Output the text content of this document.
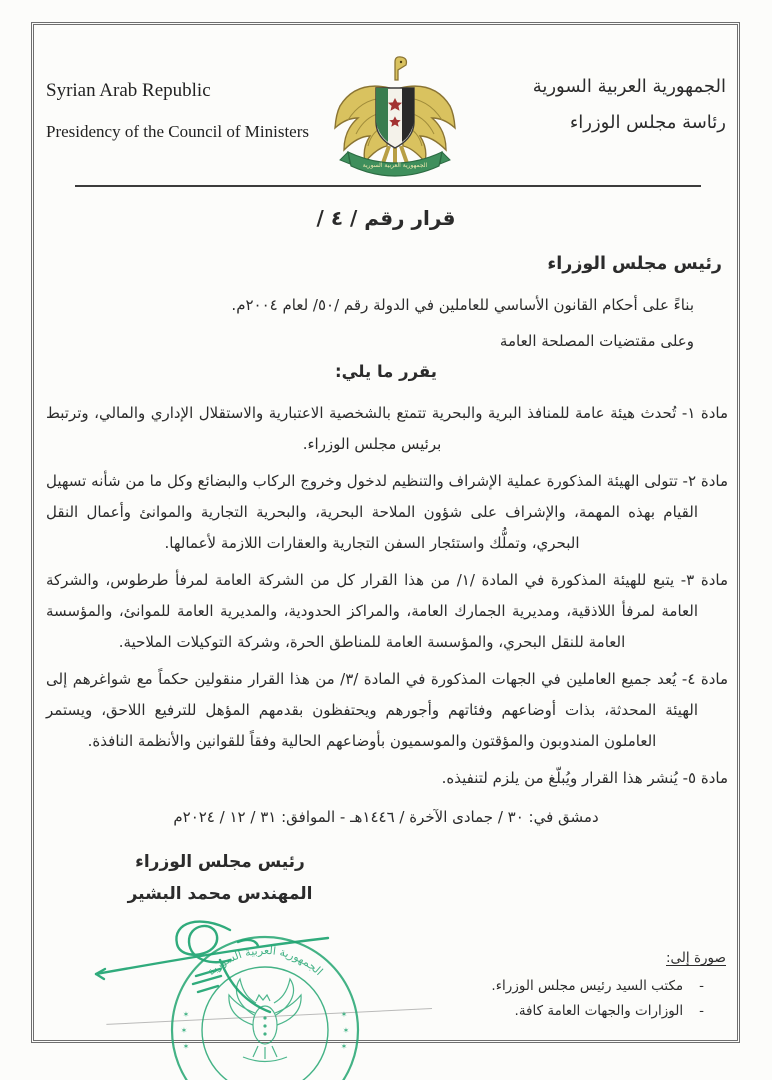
Syrian Arab Republic
Presidency of the Council of Ministers
الجمهورية العربية السورية
رئاسة مجلس الوزراء
الجمهورية العربية السورية
قرار رقم / ٤ /
رئيس مجلس الوزراء
بناءً على أحكام القانون الأساسي للعاملين في الدولة رقم /٥٠/ لعام ٢٠٠٤م.
وعلى مقتضيات المصلحة العامة
يقرر ما يلي:

مادة ١- تُحدث هيئة عامة للمنافذ البرية والبحرية تتمتع بالشخصية الاعتبارية والاستقلال الإداري والمالي، وترتبط برئيس مجلس الوزراء.

مادة ٢- تتولى الهيئة المذكورة عملية الإشراف والتنظيم لدخول وخروج الركاب والبضائع وكل ما من شأنه تسهيل القيام بهذه المهمة، والإشراف على شؤون الملاحة البحرية، والبحرية التجارية والموانئ وأعمال النقل البحري، وتملُّك واستئجار السفن التجارية والعقارات اللازمة لأعمالها.

مادة ٣- يتبع للهيئة المذكورة في المادة /١/ من هذا القرار كل من الشركة العامة لمرفأ طرطوس، والشركة العامة لمرفأ اللاذقية، ومديرية الجمارك العامة، والمراكز الحدودية، والمديرية العامة للموانئ، والمؤسسة العامة للنقل البحري، والمؤسسة العامة للمناطق الحرة، وشركة التوكيلات الملاحية.

مادة ٤- يُعد جميع العاملين في الجهات المذكورة في المادة /٣/ من هذا القرار منقولين حكماً مع شواغرهم إلى الهيئة المحدثة، بذات أوضاعهم وفئاتهم وأجورهم ويحتفظون بقدمهم المؤهل للترفيع اللاحق، ويستمر العاملون المندوبون والمؤقتون والموسميون بأوضاعهم الحالية وفقاً للقوانين والأنظمة النافذة.

مادة ٥- يُنشر هذا القرار ويُبلّغ من يلزم لتنفيذه.

دمشق في: ٣٠ / جمادى الآخرة / ١٤٤٦هـ - الموافق: ٣١ / ١٢ / ٢٠٢٤م
رئيس مجلس الوزراء
المهندس محمد البشير
صورة إلى:
-مكتب السيد رئيس مجلس الوزراء.
-الوزارات والجهات العامة كافة.
الجمهورية العربية السورية
✶
✶
✶
✶
✶
✶
